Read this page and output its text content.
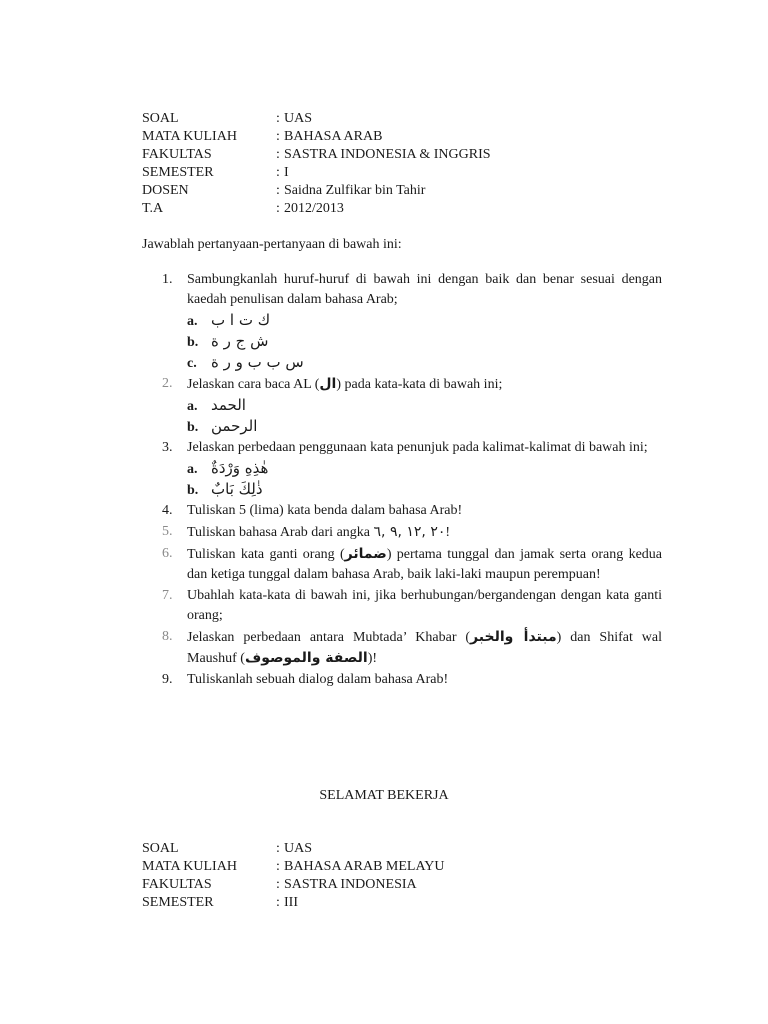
SOAL	: UAS
MATA KULIAH	: BAHASA ARAB
FAKULTAS	: SASTRA INDONESIA & INGGRIS
SEMESTER	: I
DOSEN	: Saidna Zulfikar bin Tahir
T.A	: 2012/2013
Jawablah pertanyaan-pertanyaan di bawah ini:
1.	Sambungkanlah huruf-huruf di bawah ini dengan baik dan benar sesuai dengan kaedah penulisan dalam bahasa Arab;
a. ك ت ا ب
b. ش ج ر ة
c. س ب ب و ر ة
2.	Jelaskan cara baca AL (ال) pada kata-kata di bawah ini;
a. الحمد
b. الرحمن
3.	Jelaskan perbedaan penggunaan kata penunjuk pada kalimat-kalimat di bawah ini;
a. هٰذِهِ وَرْدَةٌ
b. ذٰلِكَ بَابٌ
4.	Tuliskan 5 (lima) kata benda dalam bahasa Arab!
5.	Tuliskan bahasa Arab dari angka ٢٠ ,١٢ ,٩ ,٦!
6.	Tuliskan kata ganti orang (ضمائر) pertama tunggal dan jamak serta orang kedua dan ketiga tunggal dalam bahasa Arab, baik laki-laki maupun perempuan!
7.	Ubahlah kata-kata di bawah ini, jika berhubungan/bergandengan dengan kata ganti orang;
8.	Jelaskan perbedaan antara Mubtada’ Khabar (مبتدأ والخبر) dan Shifat wal Maushuf (الصفة والموصوف)!
9.	Tuliskanlah sebuah dialog dalam bahasa Arab!
SELAMAT BEKERJA
SOAL	: UAS
MATA KULIAH	: BAHASA ARAB MELAYU
FAKULTAS	: SASTRA INDONESIA
SEMESTER	: III
